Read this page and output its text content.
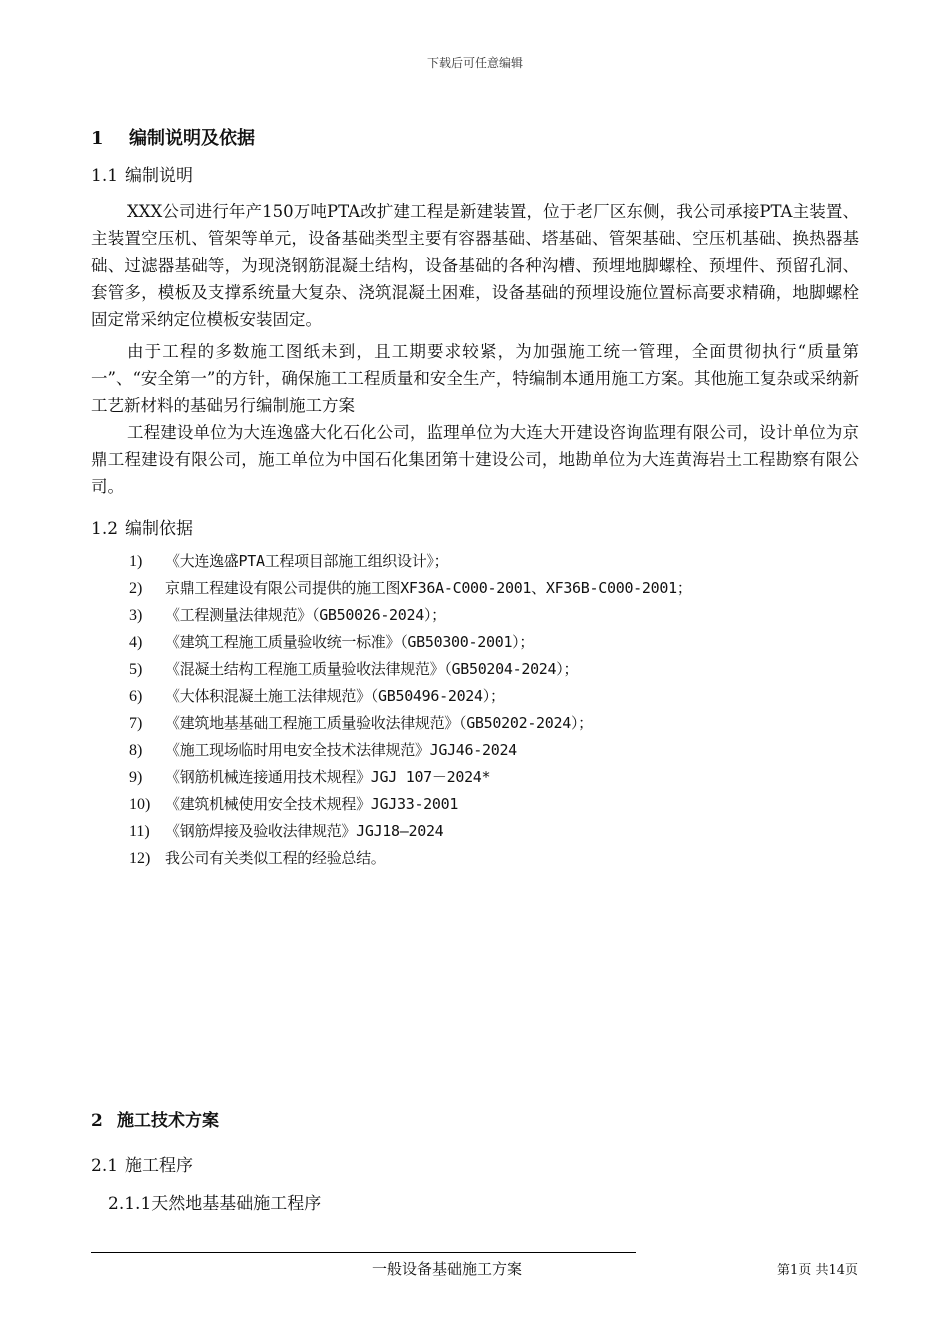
下载后可任意编辑
1 编制说明及依据
1.1 编制说明

XXX公司进行年产150万吨PTA改扩建工程是新建装置，位于老厂区东侧，我公司承接PTA主装置、主装置空压机、管架等单元，设备基础类型主要有容器基础、塔基础、管架基础、空压机基础、换热器基础、过滤器基础等，为现浇钢筋混凝土结构，设备基础的各种沟槽、预埋地脚螺栓、预埋件、预留孔洞、套管多，模板及支撑系统量大复杂、浇筑混凝土困难，设备基础的预埋设施位置标高要求精确，地脚螺栓固定常采纳定位模板安装固定。

由于工程的多数施工图纸未到，且工期要求较紧，为加强施工统一管理，全面贯彻执行“质量第一”、“安全第一”的方针，确保施工工程质量和安全生产，特编制本通用施工方案。其他施工复杂或采纳新工艺新材料的基础另行编制施工方案

工程建设单位为大连逸盛大化石化公司，监理单位为大连大开建设咨询监理有限公司，设计单位为京鼎工程建设有限公司，施工单位为中国石化集团第十建设公司，地勘单位为大连黄海岩土工程勘察有限公司。

1.2 编制依据
1) 《大连逸盛PTA工程项目部施工组织设计》；
2) 京鼎工程建设有限公司提供的施工图XF36A-C000-2001、XF36B-C000-2001；
3) 《工程测量法律规范》（GB50026-2024）；
4) 《建筑工程施工质量验收统一标准》（GB50300-2001）；
5) 《混凝土结构工程施工质量验收法律规范》（GB50204-2024）；
6) 《大体积混凝土施工法律规范》（GB50496-2024）；
7) 《建筑地基基础工程施工质量验收法律规范》（GB50202-2024）；
8) 《施工现场临时用电安全技术法律规范》JGJ46-2024
9) 《钢筋机械连接通用技术规程》JGJ 107－2024*
10) 《建筑机械使用安全技术规程》JGJ33-2001
11) 《钢筋焊接及验收法律规范》JGJ18—2024
12) 我公司有关类似工程的经验总结。
2 施工技术方案
2.1 施工程序
2.1.1天然地基基础施工程序
一般设备基础施工方案	第1页 共14页
